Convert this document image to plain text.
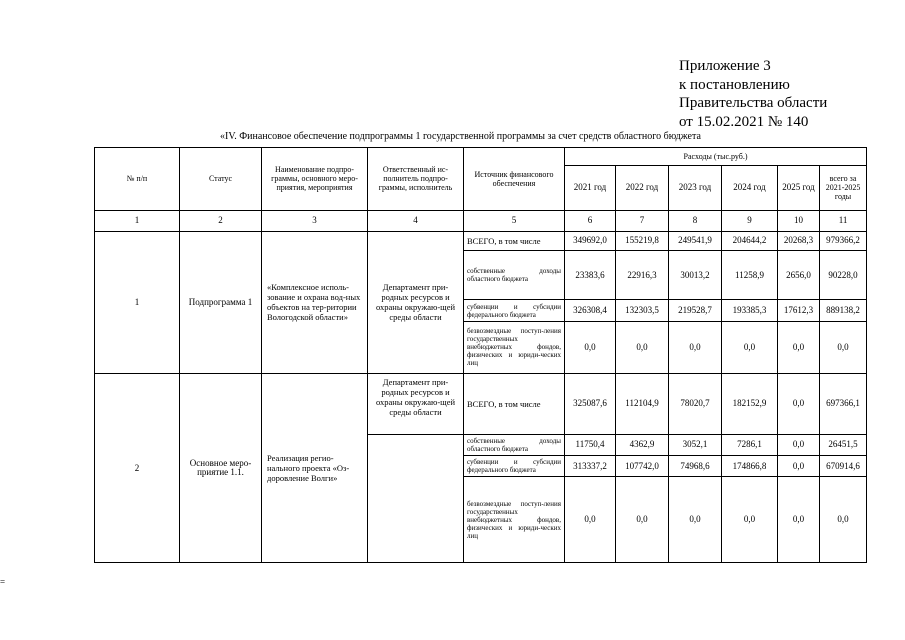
Приложение 3
к постановлению
Правительства области
от 15.02.2021 № 140
«IV. Финансовое обеспечение подпрограммы 1 государственной программы за счет средств областного бюджета
№ п/п	Статус	Наименование подпро-граммы, основного меро-приятия, мероприятия	Ответственный ис-полнитель подпро-граммы, исполнитель	Источник финансового обеспечения	Расходы (тыс.руб.)					
					2021 год	2022 год	2023 год	2024 год	2025 год	всего за 2021-2025 годы
1	2	3	4	5	6	7	8	9	10	11
1	Подпрограмма 1	«Комплексное исполь-зование и охрана вод-ных объектов на тер-ритории Вологодской области»	Департамент при-родных ресурсов и охраны окружаю-щей среды области	ВСЕГО, в том числе	349692,0	155219,8	249541,9	204644,2	20268,3	979366,2
				собственные доходы областного бюджета	23383,6	22916,3	30013,2	11258,9	2656,0	90228,0
				субвенции и субсидии федерального бюджета	326308,4	132303,5	219528,7	193385,3	17612,3	889138,2
				безвозмездные поступ-ления государственных внебюджетных фондов, физических и юриди-ческих лиц	0,0	0,0	0,0	0,0	0,0	0,0
2	Основное меро-приятие 1.1.	Реализация регио-нального проекта «Оз-доровление Волги»	Департамент при-родных ресурсов и охраны окружаю-щей среды области	ВСЕГО, в том числе	325087,6	112104,9	78020,7	182152,9	0,0	697366,1
				собственные доходы областного бюджета	11750,4	4362,9	3052,1	7286,1	0,0	26451,5
				субвенции и субсидии федерального бюджета	313337,2	107742,0	74968,6	174866,8	0,0	670914,6
				безвозмездные поступ-ления государственных внебюджетных фондов, физических и юриди-ческих лиц	0,0	0,0	0,0	0,0	0,0	0,0
=
